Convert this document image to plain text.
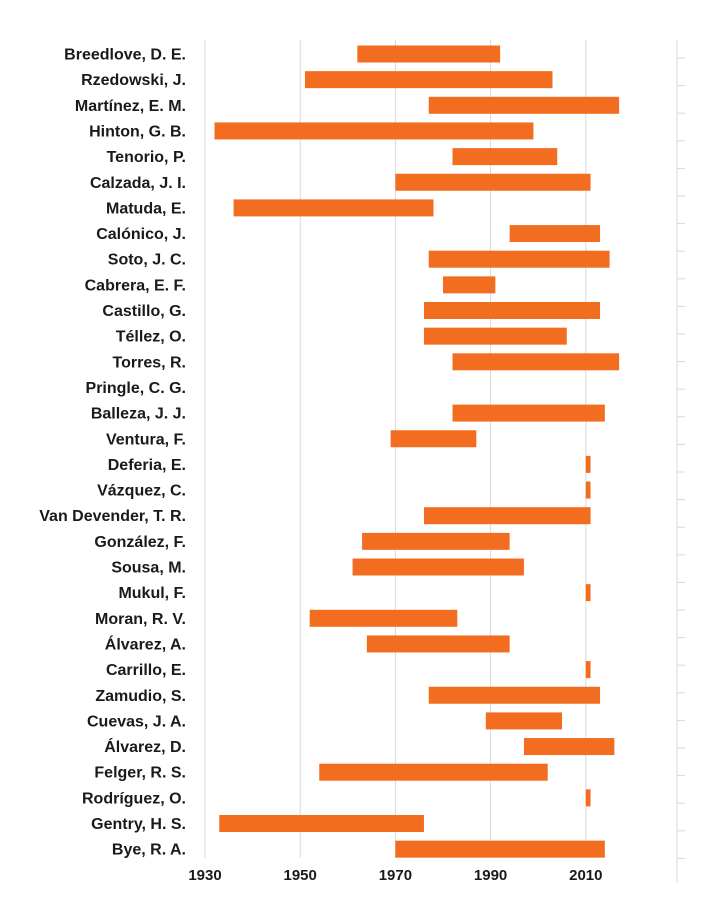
Breedlove, D. E.
Rzedowski, J.
Martínez, E. M.
Hinton, G. B.
Tenorio, P.
Calzada, J. I.
Matuda, E.
Calónico, J.
Soto, J. C.
Cabrera, E. F.
Castillo, G.
Téllez, O.
Torres, R.
Pringle, C. G.
Balleza, J. J.
Ventura, F.
Deferia, E.
Vázquez, C.
Van Devender, T. R.
González, F.
Sousa, M.
Mukul, F.
Moran, R. V.
Álvarez, A.
Carrillo, E.
Zamudio, S.
Cuevas, J. A.
Álvarez, D.
Felger, R. S.
Rodríguez, O.
Gentry, H. S.
Bye, R. A.
1930	1950	1970	1990	2010
